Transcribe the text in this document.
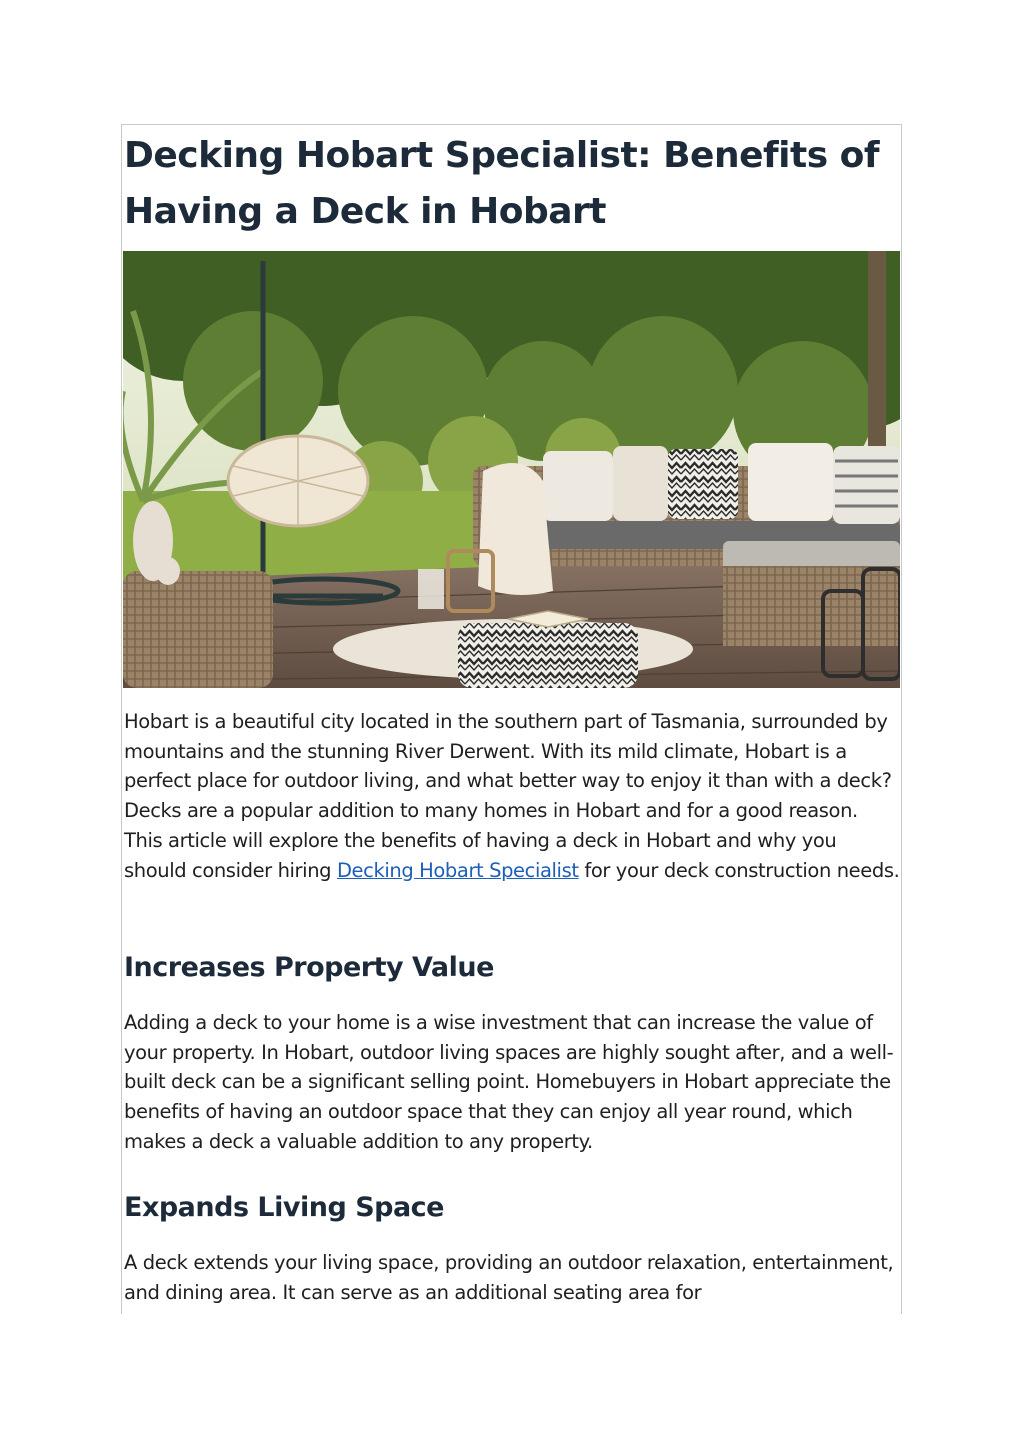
Decking Hobart Specialist: Benefits of Having a Deck in Hobart

Hobart is a beautiful city located in the southern part of Tasmania, surrounded by mountains and the stunning River Derwent. With its mild climate, Hobart is a perfect place for outdoor living, and what better way to enjoy it than with a deck? Decks are a popular addition to many homes in Hobart and for a good reason. This article will explore the benefits of having a deck in Hobart and why you should consider hiring Decking Hobart Specialist for your deck construction needs.

Increases Property Value

Adding a deck to your home is a wise investment that can increase the value of your property. In Hobart, outdoor living spaces are highly sought after, and a well-built deck can be a significant selling point. Homebuyers in Hobart appreciate the benefits of having an outdoor space that they can enjoy all year round, which makes a deck a valuable addition to any property.

Expands Living Space

A deck extends your living space, providing an outdoor relaxation, entertainment, and dining area. It can serve as an additional seating area for
